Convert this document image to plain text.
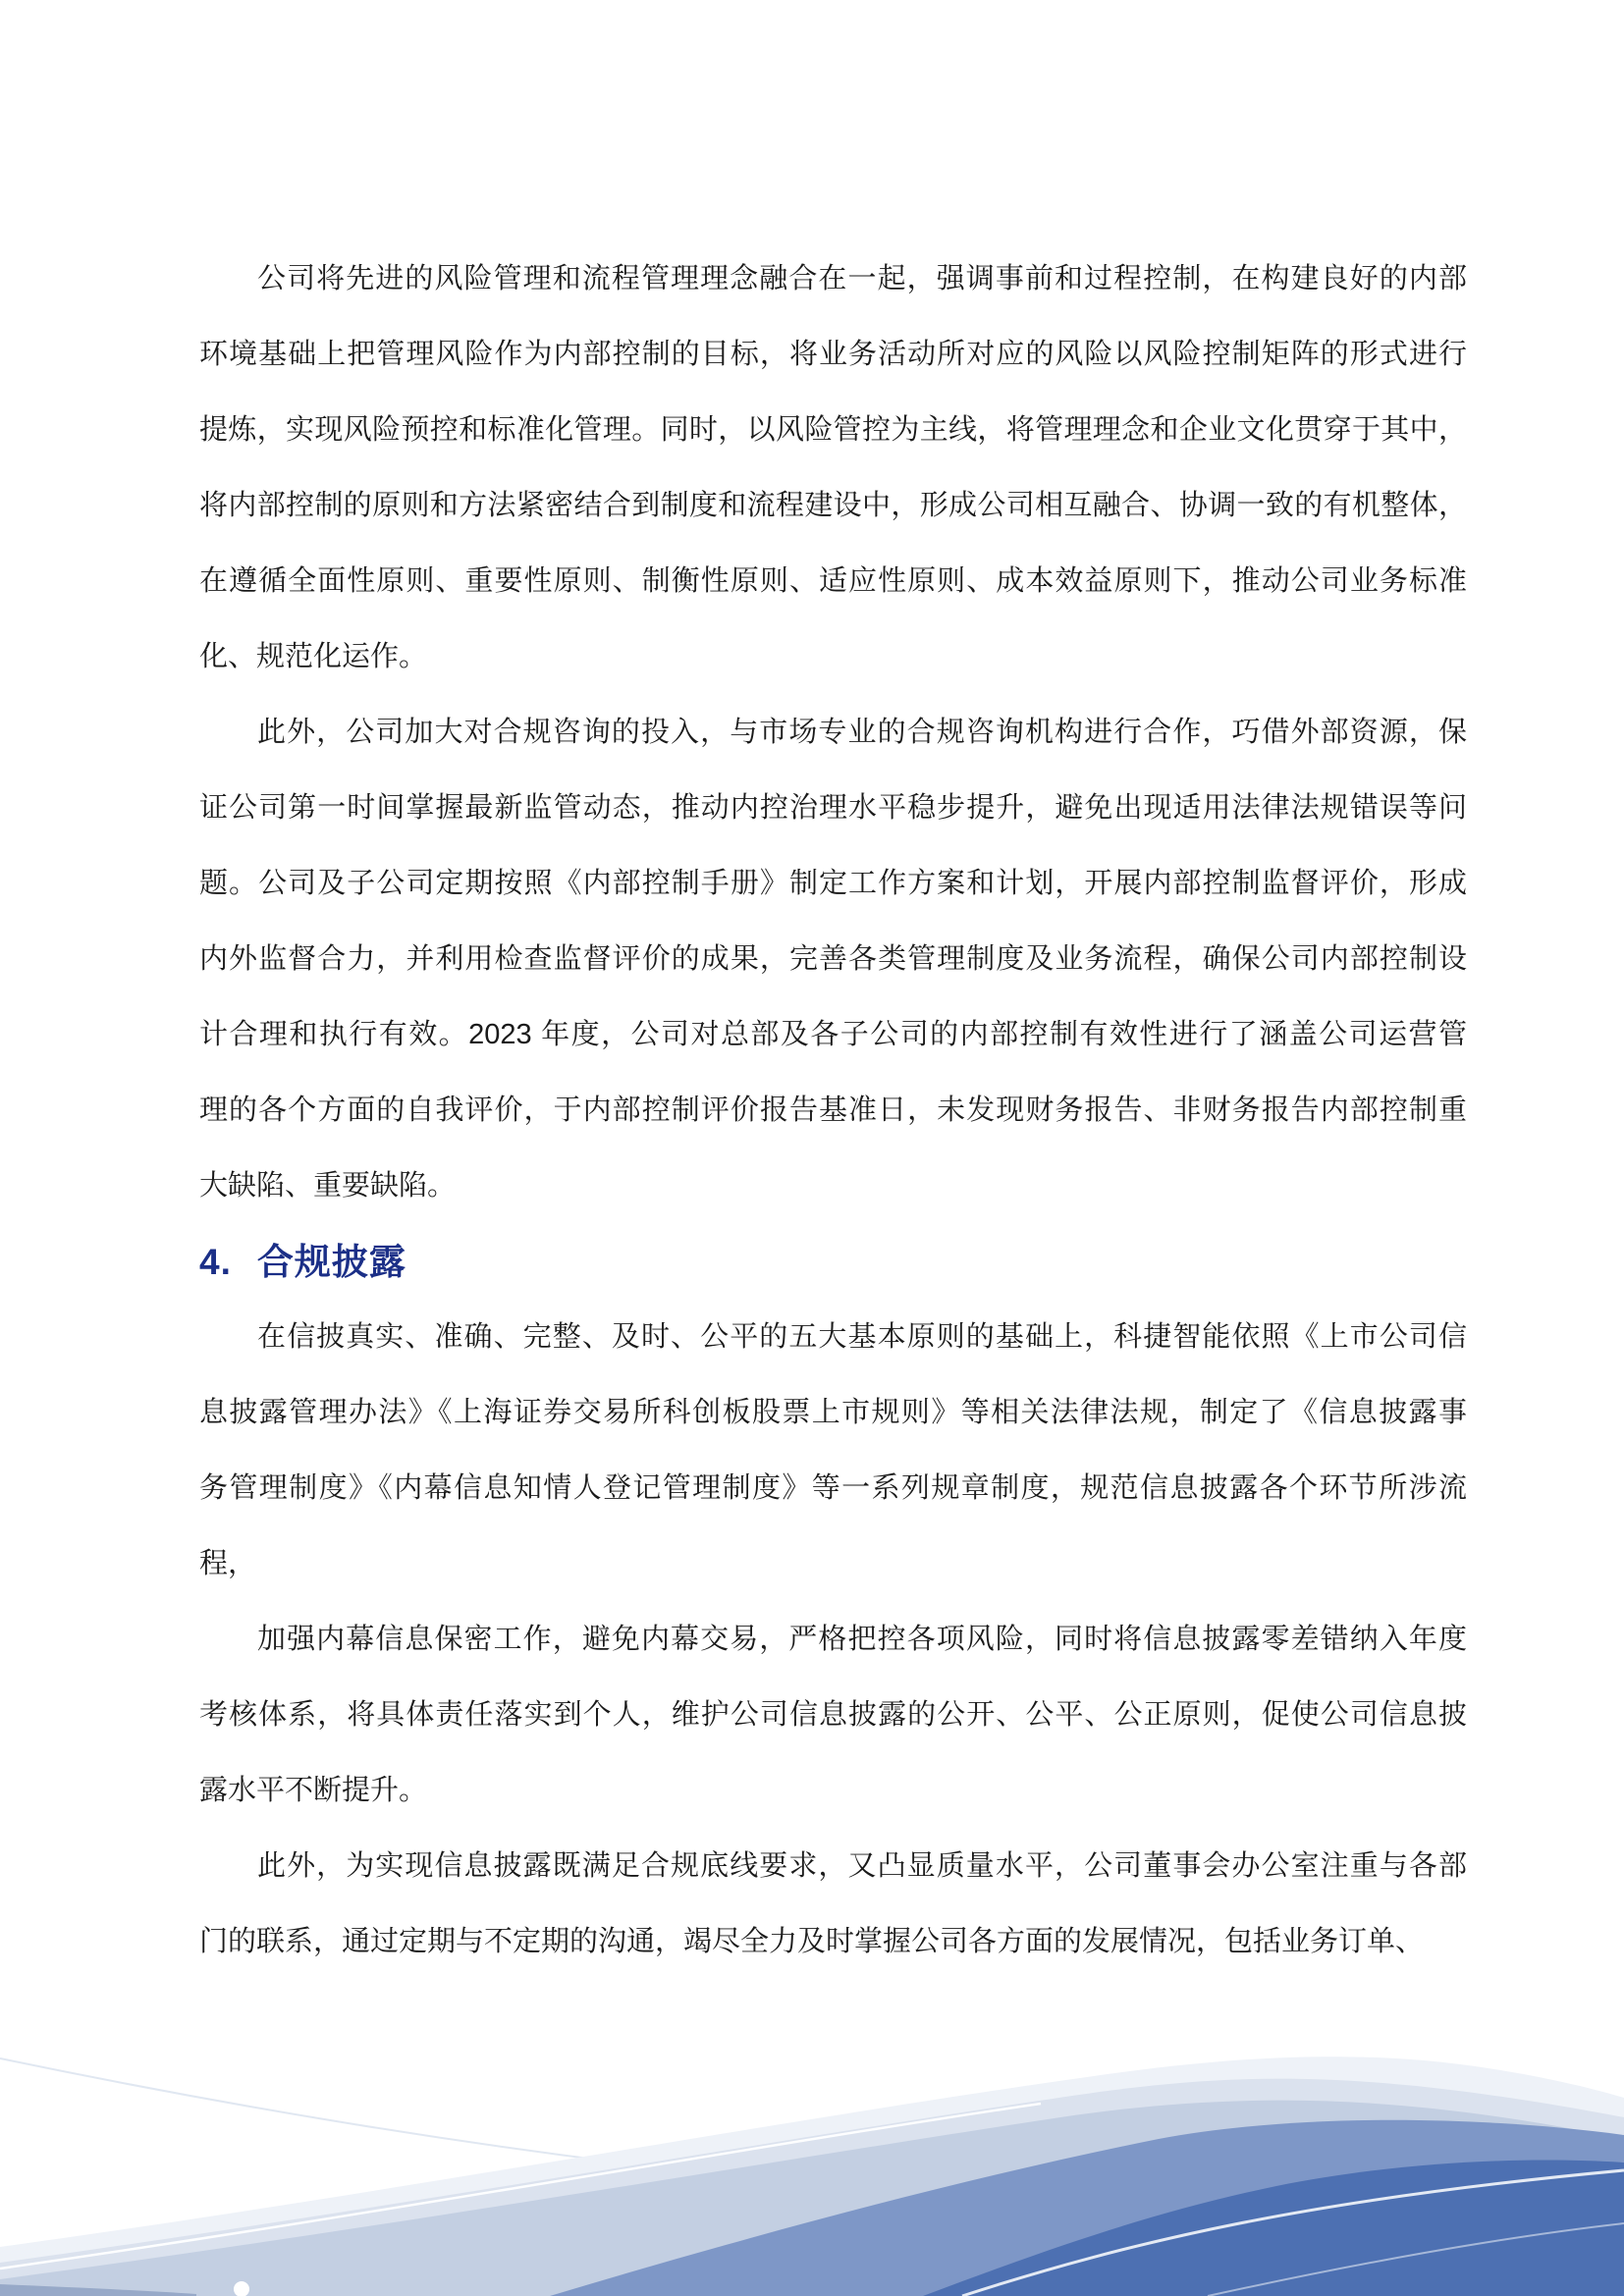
公司将先进的风险管理和流程管理理念融合在一起，强调事前和过程控制，在构建良好的内部
环境基础上把管理风险作为内部控制的目标，将业务活动所对应的风险以风险控制矩阵的形式进行
提炼，实现风险预控和标准化管理。同时，以风险管控为主线，将管理理念和企业文化贯穿于其中，
将内部控制的原则和方法紧密结合到制度和流程建设中，形成公司相互融合、协调一致的有机整体，
在遵循全面性原则、重要性原则、制衡性原则、适应性原则、成本效益原则下，推动公司业务标准
化、规范化运作。
此外，公司加大对合规咨询的投入，与市场专业的合规咨询机构进行合作，巧借外部资源，保
证公司第一时间掌握最新监管动态，推动内控治理水平稳步提升，避免出现适用法律法规错误等问
题。公司及子公司定期按照《内部控制手册》制定工作方案和计划，开展内部控制监督评价，形成
内外监督合力，并利用检查监督评价的成果，完善各类管理制度及业务流程，确保公司内部控制设
计合理和执行有效。2023 年度，公司对总部及各子公司的内部控制有效性进行了涵盖公司运营管
理的各个方面的自我评价，于内部控制评价报告基准日，未发现财务报告、非财务报告内部控制重
大缺陷、重要缺陷。
4. 合规披露
在信披真实、准确、完整、及时、公平的五大基本原则的基础上，科捷智能依照《上市公司信
息披露管理办法》《上海证券交易所科创板股票上市规则》等相关法律法规，制定了《信息披露事
务管理制度》《内幕信息知情人登记管理制度》等一系列规章制度，规范信息披露各个环节所涉流
程，
加强内幕信息保密工作，避免内幕交易，严格把控各项风险，同时将信息披露零差错纳入年度
考核体系，将具体责任落实到个人，维护公司信息披露的公开、公平、公正原则，促使公司信息披
露水平不断提升。
此外，为实现信息披露既满足合规底线要求，又凸显质量水平，公司董事会办公室注重与各部
门的联系，通过定期与不定期的沟通，竭尽全力及时掌握公司各方面的发展情况，包括业务订单、
